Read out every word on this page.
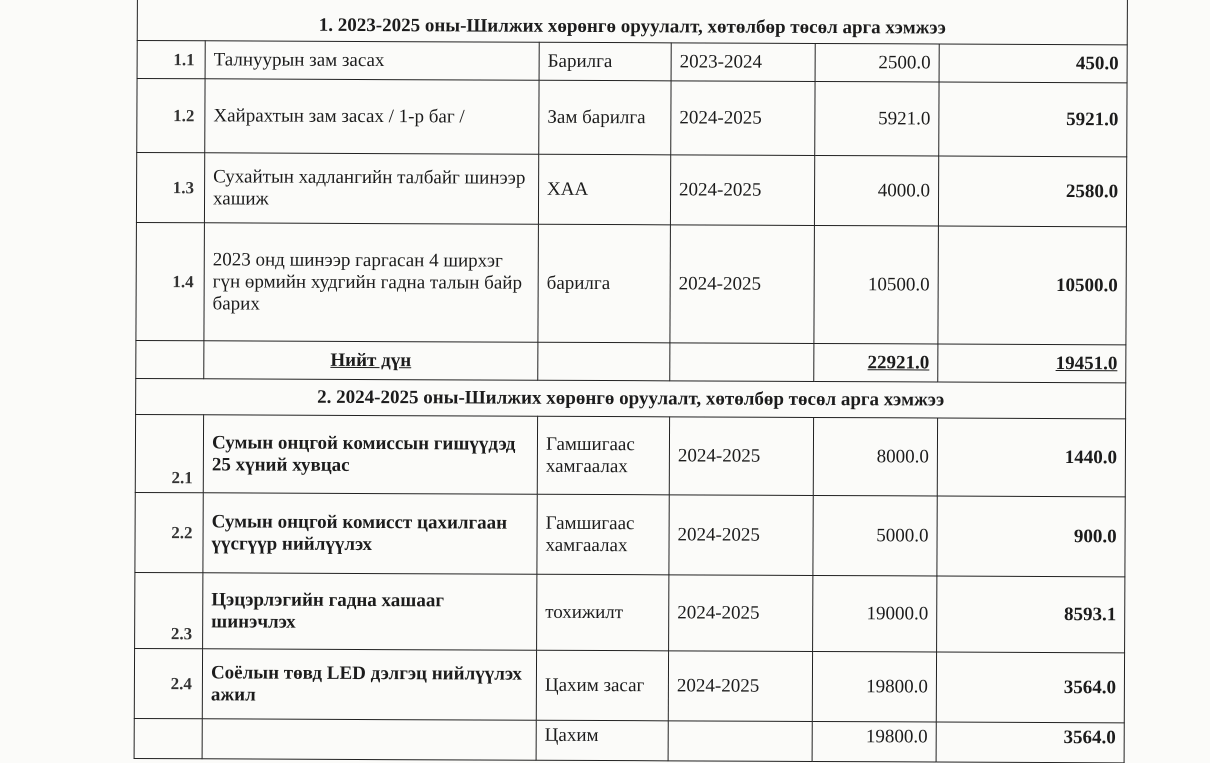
1. 2023-2025 оны-Шилжих хөрөнгө оруулалт, хөтөлбөр төсөл арга хэмжээ					
1.1	Талнуурын зам засах	Барилга	2023-2024	2500.0	450.0
1.2	Хайрахтын зам засах / 1-р баг /	Зам барилга	2024-2025	5921.0	5921.0
1.3	Сухайтын хадлангийн талбайг шинээр хашиж	ХАА	2024-2025	4000.0	2580.0
1.4	2023 онд шинээр гаргасан 4 ширхэг гүн өрмийн худгийн гадна талын байр барих	барилга	2024-2025	10500.0	10500.0
	Нийт дүн			22921.0	19451.0
2. 2024-2025 оны-Шилжих хөрөнгө оруулалт, хөтөлбөр төсөл арга хэмжээ					
2.1	Сумын онцгой комиссын гишүүдэд 25 хүний хувцас	Гамшигаас хамгаалах	2024-2025	8000.0	1440.0
2.2	Сумын онцгой комисст цахилгаан үүсгүүр нийлүүлэх	Гамшигаас хамгаалах	2024-2025	5000.0	900.0
2.3	Цэцэрлэгийн гадна хашааг шинэчлэх	тохижилт	2024-2025	19000.0	8593.1
2.4	Соёлын төвд LED дэлгэц нийлүүлэх ажил	Цахим засаг	2024-2025	19800.0	3564.0
		Цахим		19800.0	3564.0
